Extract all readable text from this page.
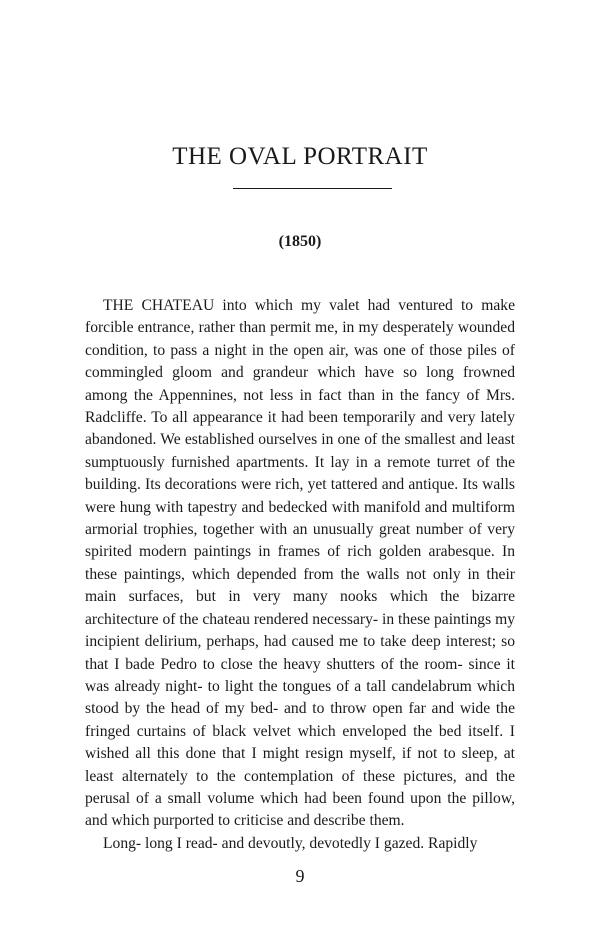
THE OVAL PORTRAIT
(1850)

THE CHATEAU into which my valet had ventured to make forcible entrance, rather than permit me, in my desperately wounded condition, to pass a night in the open air, was one of those piles of commingled gloom and grandeur which have so long frowned among the Appennines, not less in fact than in the fancy of Mrs. Radcliffe. To all appearance it had been temporarily and very lately abandoned. We established ourselves in one of the smallest and least sumptuously furnished apartments. It lay in a remote turret of the building. Its decorations were rich, yet tattered and antique. Its walls were hung with tapestry and bedecked with manifold and multiform armorial trophies, together with an unusually great number of very spirited modern paintings in frames of rich golden arabesque. In these paintings, which depended from the walls not only in their main surfaces, but in very many nooks which the bizarre architecture of the chateau rendered necessary- in these paintings my incipient delirium, perhaps, had caused me to take deep interest; so that I bade Pedro to close the heavy shutters of the room- since it was already night- to light the tongues of a tall candelabrum which stood by the head of my bed- and to throw open far and wide the fringed curtains of black velvet which enveloped the bed itself. I wished all this done that I might resign myself, if not to sleep, at least alternately to the contemplation of these pictures, and the perusal of a small volume which had been found upon the pillow, and which purported to criticise and describe them.

Long- long I read- and devoutly, devotedly I gazed. Rapidly

9
